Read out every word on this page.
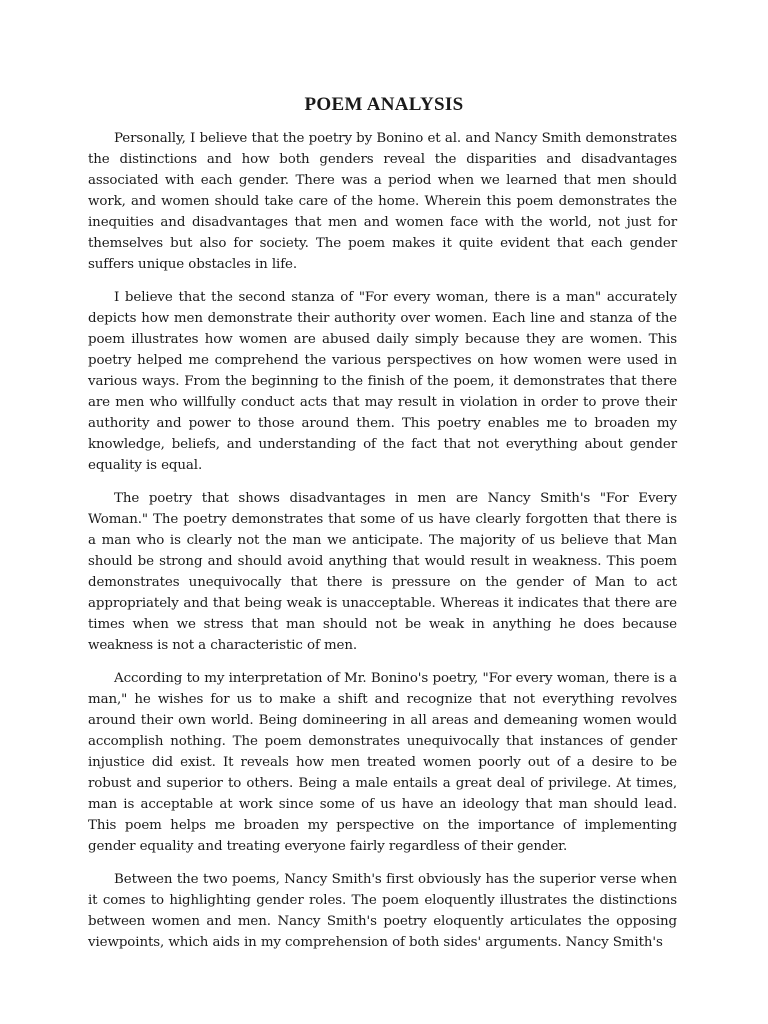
POEM ANALYSIS

Personally, I believe that the poetry by Bonino et al. and Nancy Smith demonstrates the distinctions and how both genders reveal the disparities and disadvantages associated with each gender. There was a period when we learned that men should work, and women should take care of the home. Wherein this poem demonstrates the inequities and disadvantages that men and women face with the world, not just for themselves but also for society. The poem makes it quite evident that each gender suffers unique obstacles in life.

I believe that the second stanza of "For every woman, there is a man" accurately depicts how men demonstrate their authority over women. Each line and stanza of the poem illustrates how women are abused daily simply because they are women. This poetry helped me comprehend the various perspectives on how women were used in various ways. From the beginning to the finish of the poem, it demonstrates that there are men who willfully conduct acts that may result in violation in order to prove their authority and power to those around them. This poetry enables me to broaden my knowledge, beliefs, and understanding of the fact that not everything about gender equality is equal.

The poetry that shows disadvantages in men are Nancy Smith's "For Every Woman." The poetry demonstrates that some of us have clearly forgotten that there is a man who is clearly not the man we anticipate. The majority of us believe that Man should be strong and should avoid anything that would result in weakness. This poem demonstrates unequivocally that there is pressure on the gender of Man to act appropriately and that being weak is unacceptable. Whereas it indicates that there are times when we stress that man should not be weak in anything he does because weakness is not a characteristic of men.

According to my interpretation of Mr. Bonino's poetry, "For every woman, there is a man," he wishes for us to make a shift and recognize that not everything revolves around their own world. Being domineering in all areas and demeaning women would accomplish nothing. The poem demonstrates unequivocally that instances of gender injustice did exist. It reveals how men treated women poorly out of a desire to be robust and superior to others. Being a male entails a great deal of privilege. At times, man is acceptable at work since some of us have an ideology that man should lead. This poem helps me broaden my perspective on the importance of implementing gender equality and treating everyone fairly regardless of their gender.

Between the two poems, Nancy Smith's first obviously has the superior verse when it comes to highlighting gender roles. The poem eloquently illustrates the distinctions between women and men. Nancy Smith's poetry eloquently articulates the opposing viewpoints, which aids in my comprehension of both sides' arguments. Nancy Smith's
